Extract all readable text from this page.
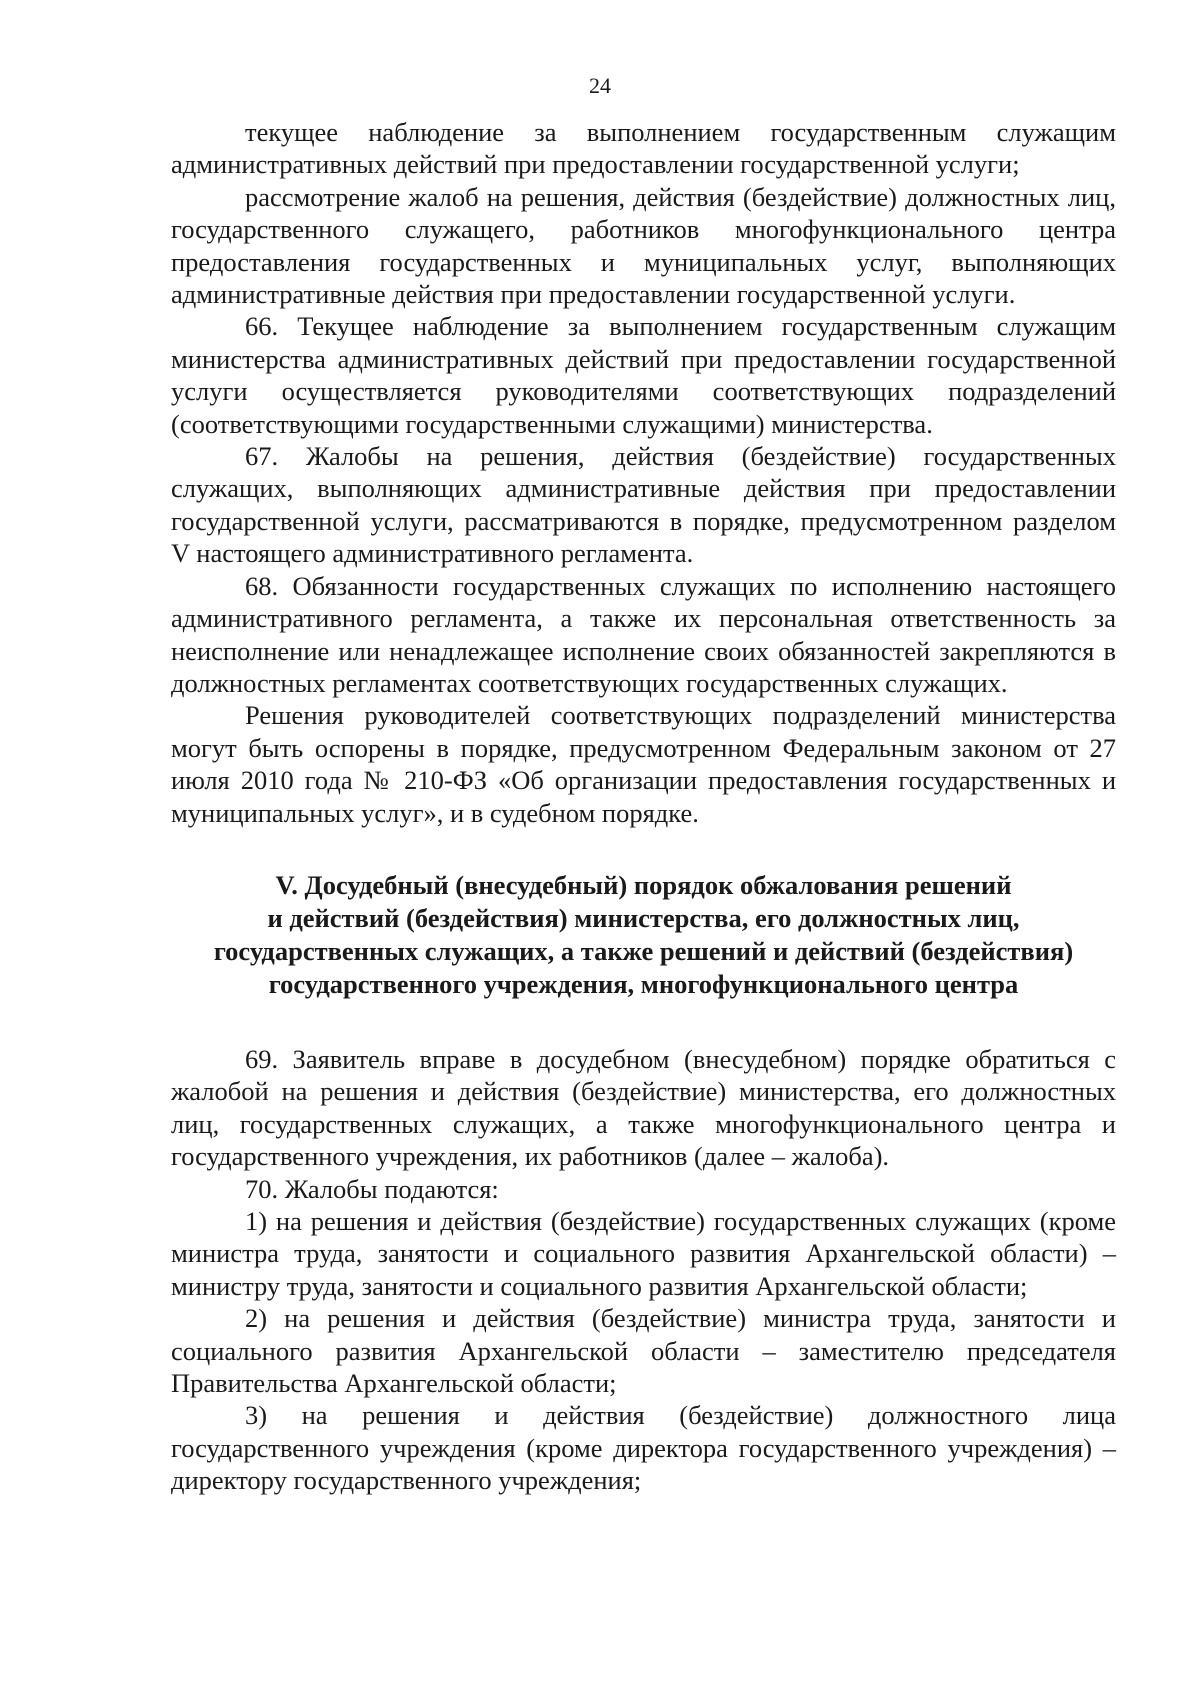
24

текущее наблюдение за выполнением государственным служащим административных действий при предоставлении государственной услуги;

рассмотрение жалоб на решения, действия (бездействие) должностных лиц, государственного служащего, работников многофункционального центра предоставления государственных и муниципальных услуг, выполняющих административные действия при предоставлении государственной услуги.

66. Текущее наблюдение за выполнением государственным служащим министерства административных действий при предоставлении государственной услуги осуществляется руководителями соответствующих подразделений (соответствующими государственными служащими) министерства.

67. Жалобы на решения, действия (бездействие) государственных служащих, выполняющих административные действия при предоставлении государственной услуги, рассматриваются в порядке, предусмотренном разделом V настоящего административного регламента.

68. Обязанности государственных служащих по исполнению настоящего административного регламента, а также их персональная ответственность за неисполнение или ненадлежащее исполнение своих обязанностей закрепляются в должностных регламентах соответствующих государственных служащих.

Решения руководителей соответствующих подразделений министерства могут быть оспорены в порядке, предусмотренном Федеральным законом от 27 июля 2010 года № 210-ФЗ «Об организации предоставления государственных и муниципальных услуг», и в судебном порядке.

V. Досудебный (внесудебный) порядок обжалования решений
и действий (бездействия) министерства, его должностных лиц,
государственных служащих, а также решений и действий (бездействия)
государственного учреждения, многофункционального центра

69. Заявитель вправе в досудебном (внесудебном) порядке обратиться с жалобой на решения и действия (бездействие) министерства, его должностных лиц, государственных служащих, а также многофункционального центра и государственного учреждения, их работников (далее – жалоба).

70. Жалобы подаются:

1) на решения и действия (бездействие) государственных служащих (кроме министра труда, занятости и социального развития Архангельской области) – министру труда, занятости и социального развития Архангельской области;

2) на решения и действия (бездействие) министра труда, занятости и социального развития Архангельской области – заместителю председателя Правительства Архангельской области;

3) на решения и действия (бездействие) должностного лица государственного учреждения (кроме директора государственного учреждения) – директору государственного учреждения;
